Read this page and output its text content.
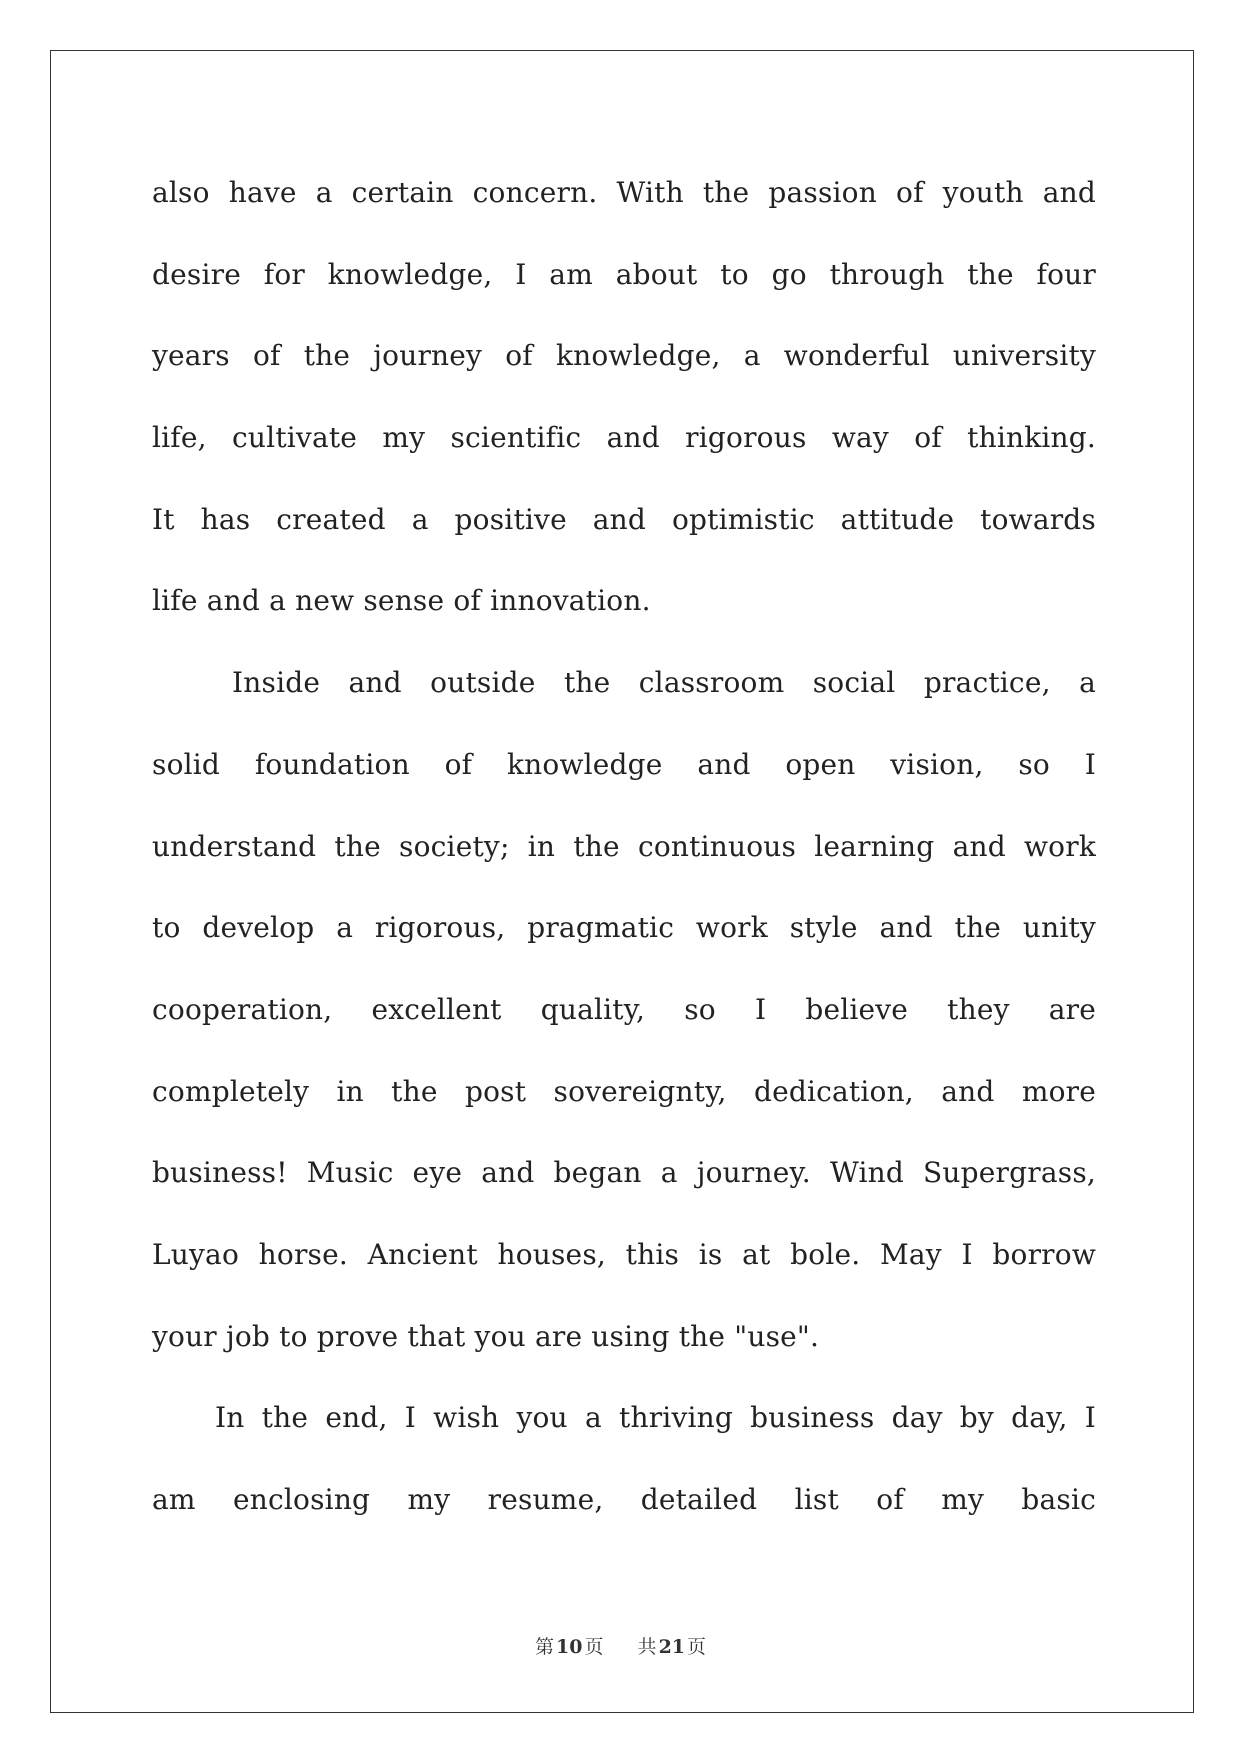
also have a certain concern. With the passion of youth and
desire for knowledge, I am about to go through the four
years of the journey of knowledge, a wonderful university
life, cultivate my scientific and rigorous way of thinking.
It has created a positive and optimistic attitude towards
life and a new sense of innovation.
Inside and outside the classroom social practice, a
solid foundation of knowledge and open vision, so I
understand the society; in the continuous learning and work
to develop a rigorous, pragmatic work style and the unity
cooperation, excellent quality, so I believe they are
completely in the post sovereignty, dedication, and more
business! Music eye and began a journey. Wind Supergrass,
Luyao horse. Ancient houses, this is at bole. May I borrow
your job to prove that you are using the "use".
In the end, I wish you a thriving business day by day, I
am enclosing my resume, detailed list of my basic
第 10 页 共 21 页
